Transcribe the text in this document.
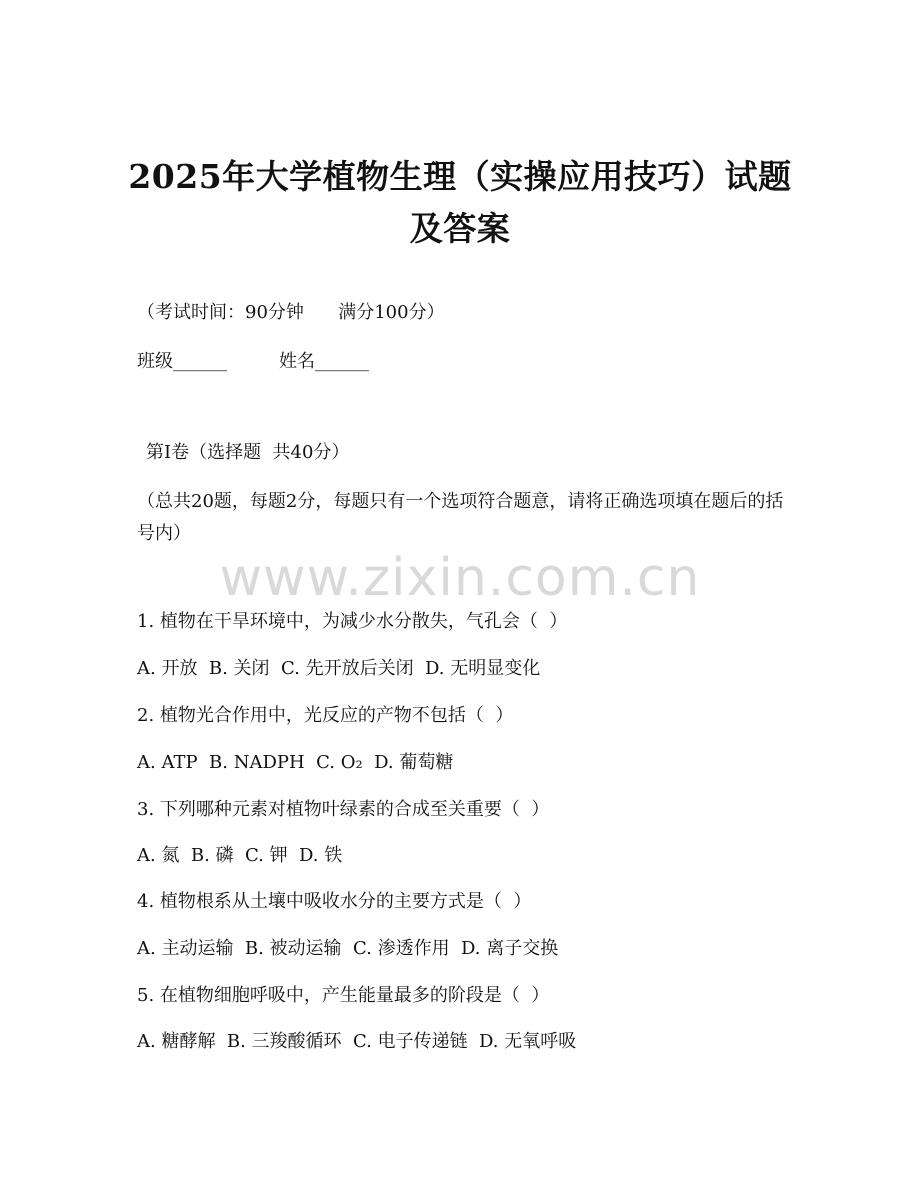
2025年大学植物生理（实操应用技巧）试题
及答案
（考试时间：90分钟      满分100分）
班级______	姓名______
第I卷（选择题  共40分）
（总共20题，每题2分，每题只有一个选项符合题意，请将正确选项填在题后的括号内）
www.zixin.com.cn
1. 植物在干旱环境中，为减少水分散失，气孔会（  ）
A. 开放  B. 关闭  C. 先开放后关闭  D. 无明显变化
2. 植物光合作用中，光反应的产物不包括（  ）
A. ATP  B. NADPH  C. O₂  D. 葡萄糖
3. 下列哪种元素对植物叶绿素的合成至关重要（  ）
A. 氮  B. 磷  C. 钾  D. 铁
4. 植物根系从土壤中吸收水分的主要方式是（  ）
A. 主动运输  B. 被动运输  C. 渗透作用  D. 离子交换
5. 在植物细胞呼吸中，产生能量最多的阶段是（  ）
A. 糖酵解  B. 三羧酸循环  C. 电子传递链  D. 无氧呼吸
